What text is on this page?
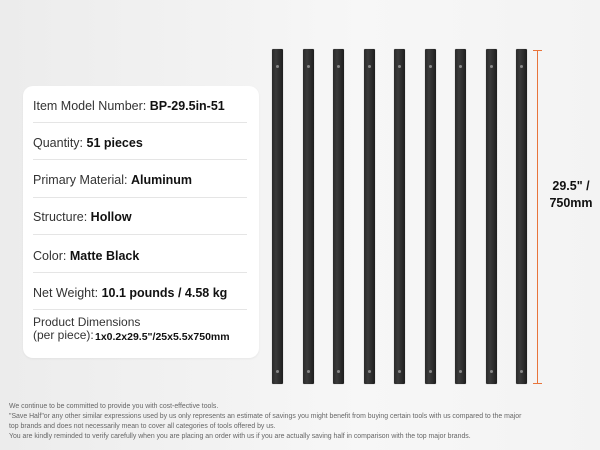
Item Model Number: BP-29.5in-51
Quantity: 51 pieces
Primary Material: Aluminum
Structure: Hollow
Color: Matte Black
Net Weight: 10.1 pounds / 4.58 kg
Product Dimensions
(per piece): 1x0.2x29.5"/25x5.5x750mm
29.5" /
750mm
We continue to be committed to provide you with cost-effective tools.
"Save Half"or any other similar expressions used by us only represents an estimate of savings you might benefit from buying certain tools with us compared to the major
top brands and does not necessarily mean to cover all categories of tools offered by us.
You are kindly reminded to verify carefully when you are placing an order with us if you are actually saving half in comparison with the top major brands.
